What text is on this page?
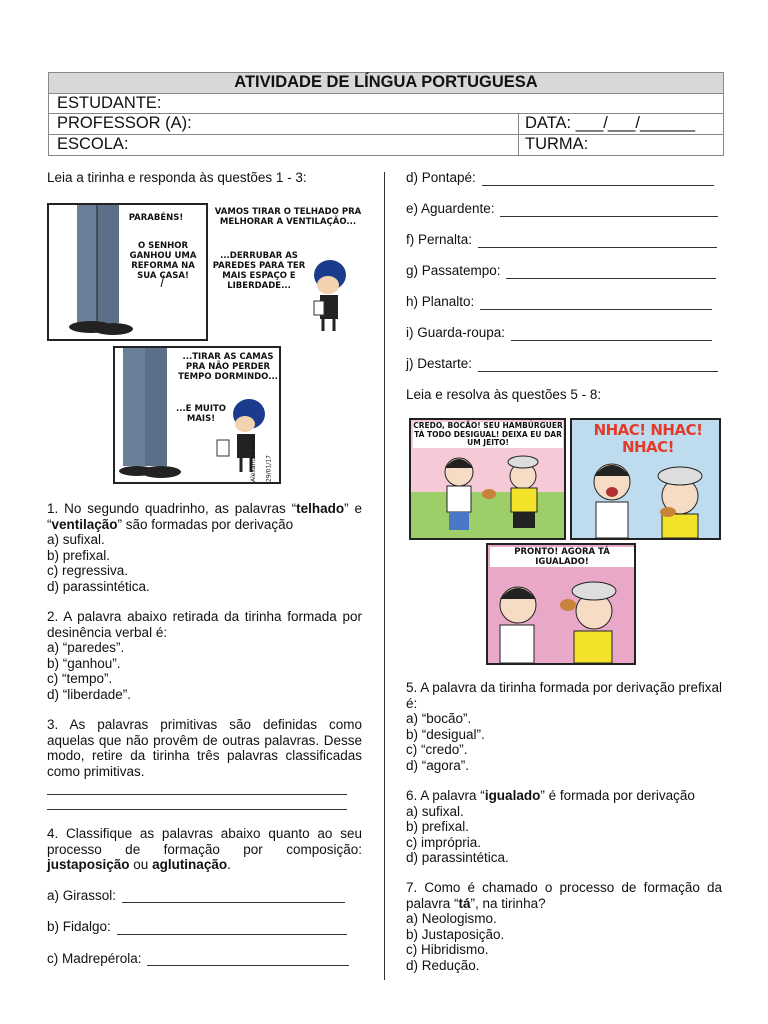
ATIVIDADE DE LÍNGUA PORTUGUESA
ESTUDANTE:
PROFESSOR (A):	DATA: ___/___/______
ESCOLA:	TURMA:

Leia a tirinha e responda às questões 1 - 3:

PARABÉNS!
O SENHOR GANHOU UMA REFORMA NA SUA CASA!
VAMOS TIRAR O TELHADO PRA MELHORAR A VENTILAÇÃO...
...DERRUBAR AS PAREDES PARA TER MAIS ESPAÇO E LIBERDADE...
...TIRAR AS CAMAS PRA NÃO PERDER TEMPO DORMINDO...
...E MUITO MAIS!
Alexandre Beck 29/01/17

1. No segundo quadrinho, as palavras “telhado” e “ventilação” são formadas por derivação

a) sufixal.

b) prefixal.

c) regressiva.

d) parassintética.

2. A palavra abaixo retirada da tirinha formada por desinência verbal é:

a) “paredes”.

b) “ganhou”.

c) “tempo”.

d) “liberdade”.

3. As palavras primitivas são definidas como aquelas que não provêm de outras palavras. Desse modo, retire da tirinha três palavras classificadas como primitivas.

4. Classifique as palavras abaixo quanto ao seu processo de formação por composição: justaposição ou aglutinação.

a) Girassol:
b) Fidalgo:
c) Madrepérola:
d) Pontapé:
e) Aguardente:
f) Pernalta:
g) Passatempo:
h) Planalto:
i) Guarda-roupa:
j) Destarte:

Leia e resolva às questões 5 - 8:

CREDO, BOCÃO! SEU HAMBÚRGUER TÁ TODO DESIGUAL! DEIXA EU DAR UM JEITO!
NHAC! NHAC! NHAC!
PRONTO! AGORA TÁ IGUALADO!

5. A palavra da tirinha formada por derivação prefixal é:

a) “bocão”.

b) “desigual”.

c) “credo”.

d) “agora”.

6. A palavra “igualado” é formada por derivação

a) sufixal.

b) prefixal.

c) imprópria.

d) parassintética.

7. Como é chamado o processo de formação da palavra “tá”, na tirinha?

a) Neologismo.

b) Justaposição.

c) Hibridismo.

d) Redução.
